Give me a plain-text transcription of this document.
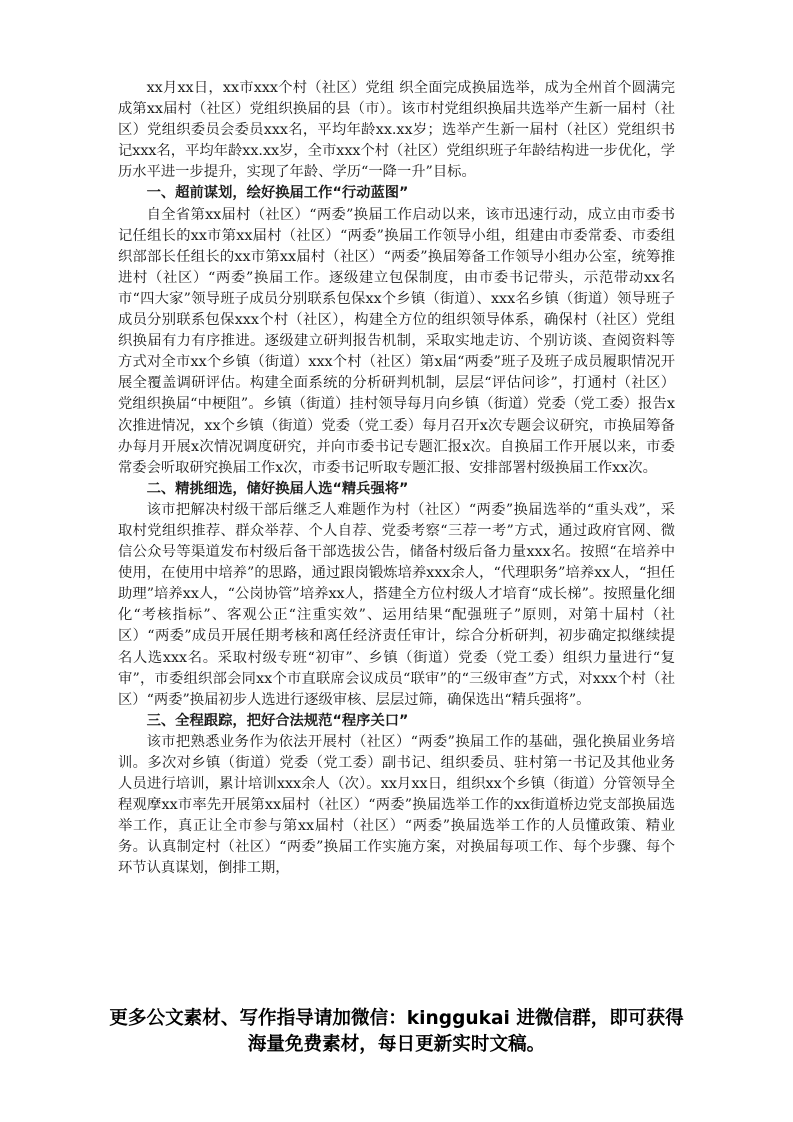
xx月xx日，xx市xxx个村（社区）党组 织全面完成换届选举，成为全州首个圆满完成第xx届村（社区）党组织换届的县（市）。该市村党组织换届共选举产生新一届村（社区）党组织委员会委员xxx名，平均年龄xx.xx岁；选举产生新一届村（社区）党组织书记xxx名，平均年龄xx.xx岁，全市xxx个村（社区）党组织班子年龄结构进一步优化，学历水平进一步提升，实现了年龄、学历“一降一升”目标。

一、超前谋划，绘好换届工作“行动蓝图”

自全省第xx届村（社区）“两委”换届工作启动以来，该市迅速行动，成立由市委书记任组长的xx市第xx届村（社区）“两委”换届工作领导小组，组建由市委常委、市委组织部部长任组长的xx市第xx届村（社区）“两委”换届筹备工作领导小组办公室，统筹推进村（社区）“两委”换届工作。逐级建立包保制度，由市委书记带头，示范带动xx名市“四大家”领导班子成员分别联系包保xx个乡镇（街道）、xxx名乡镇（街道）领导班子成员分别联系包保xxx个村（社区），构建全方位的组织领导体系，确保村（社区）党组织换届有力有序推进。逐级建立研判报告机制，采取实地走访、个别访谈、查阅资料等方式对全市xx个乡镇（街道）xxx个村（社区）第x届“两委”班子及班子成员履职情况开展全覆盖调研评估。构建全面系统的分析研判机制，层层“评估问诊”，打通村（社区）党组织换届“中梗阻”。乡镇（街道）挂村领导每月向乡镇（街道）党委（党工委）报告x次推进情况，xx个乡镇（街道）党委（党工委）每月召开x次专题会议研究，市换届筹备办每月开展x次情况调度研究，并向市委书记专题汇报x次。自换届工作开展以来，市委常委会听取研究换届工作x次，市委书记听取专题汇报、安排部署村级换届工作xx次。

二、精挑细选，储好换届人选“精兵强将”

该市把解决村级干部后继乏人难题作为村（社区）“两委”换届选举的“重头戏”，采取村党组织推荐、群众举荐、个人自荐、党委考察“三荐一考”方式，通过政府官网、微信公众号等渠道发布村级后备干部选拔公告，储备村级后备力量xxx名。按照“在培养中使用，在使用中培养”的思路，通过跟岗锻炼培养xxx余人，“代理职务”培养xx人，“担任助理”培养xx人，“公岗协管”培养xx人，搭建全方位村级人才培育“成长梯”。按照量化细化“考核指标”、客观公正“注重实效”、运用结果“配强班子”原则，对第十届村（社区）“两委”成员开展任期考核和离任经济责任审计，综合分析研判，初步确定拟继续提名人选xxx名。采取村级专班“初审”、乡镇（街道）党委（党工委）组织力量进行“复审”，市委组织部会同xx个市直联席会议成员“联审”的“三级审查”方式，对xxx个村（社区）“两委”换届初步人选进行逐级审核、层层过筛，确保选出“精兵强将”。

三、全程跟踪，把好合法规范“程序关口”

该市把熟悉业务作为依法开展村（社区）“两委”换届工作的基础，强化换届业务培训。多次对乡镇（街道）党委（党工委）副书记、组织委员、驻村第一书记及其他业务人员进行培训，累计培训xxx余人（次）。xx月xx日，组织xx个乡镇（街道）分管领导全程观摩xx市率先开展第xx届村（社区）“两委”换届选举工作的xx街道桥边党支部换届选举工作，真正让全市参与第xx届村（社区）“两委”换届选举工作的人员懂政策、精业务。认真制定村（社区）“两委”换届工作实施方案，对换届每项工作、每个步骤、每个环节认真谋划，倒排工期，

更多公文素材、写作指导请加微信：kinggukai 进微信群，即可获得
海量免费素材，每日更新实时文稿。
